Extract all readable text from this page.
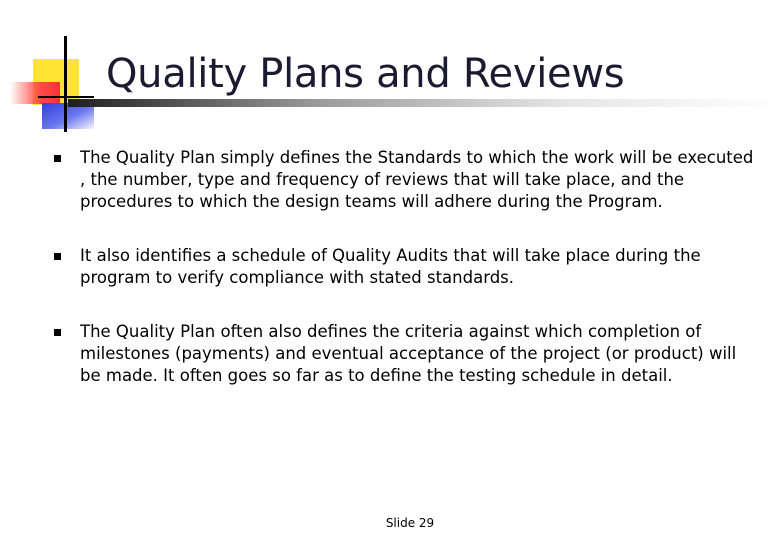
Quality Plans and Reviews
The Quality Plan simply defines the Standards to which the work will be executed , the number, type and frequency of reviews that will take place, and the procedures to which the design teams will adhere during the Program.
It also identifies a schedule of Quality Audits that will take place during the program to verify compliance with stated standards.
The Quality Plan often also defines the criteria against which completion of milestones (payments) and eventual acceptance of the project (or product) will be made. It often goes so far as to define the testing schedule in detail.
Slide 29
